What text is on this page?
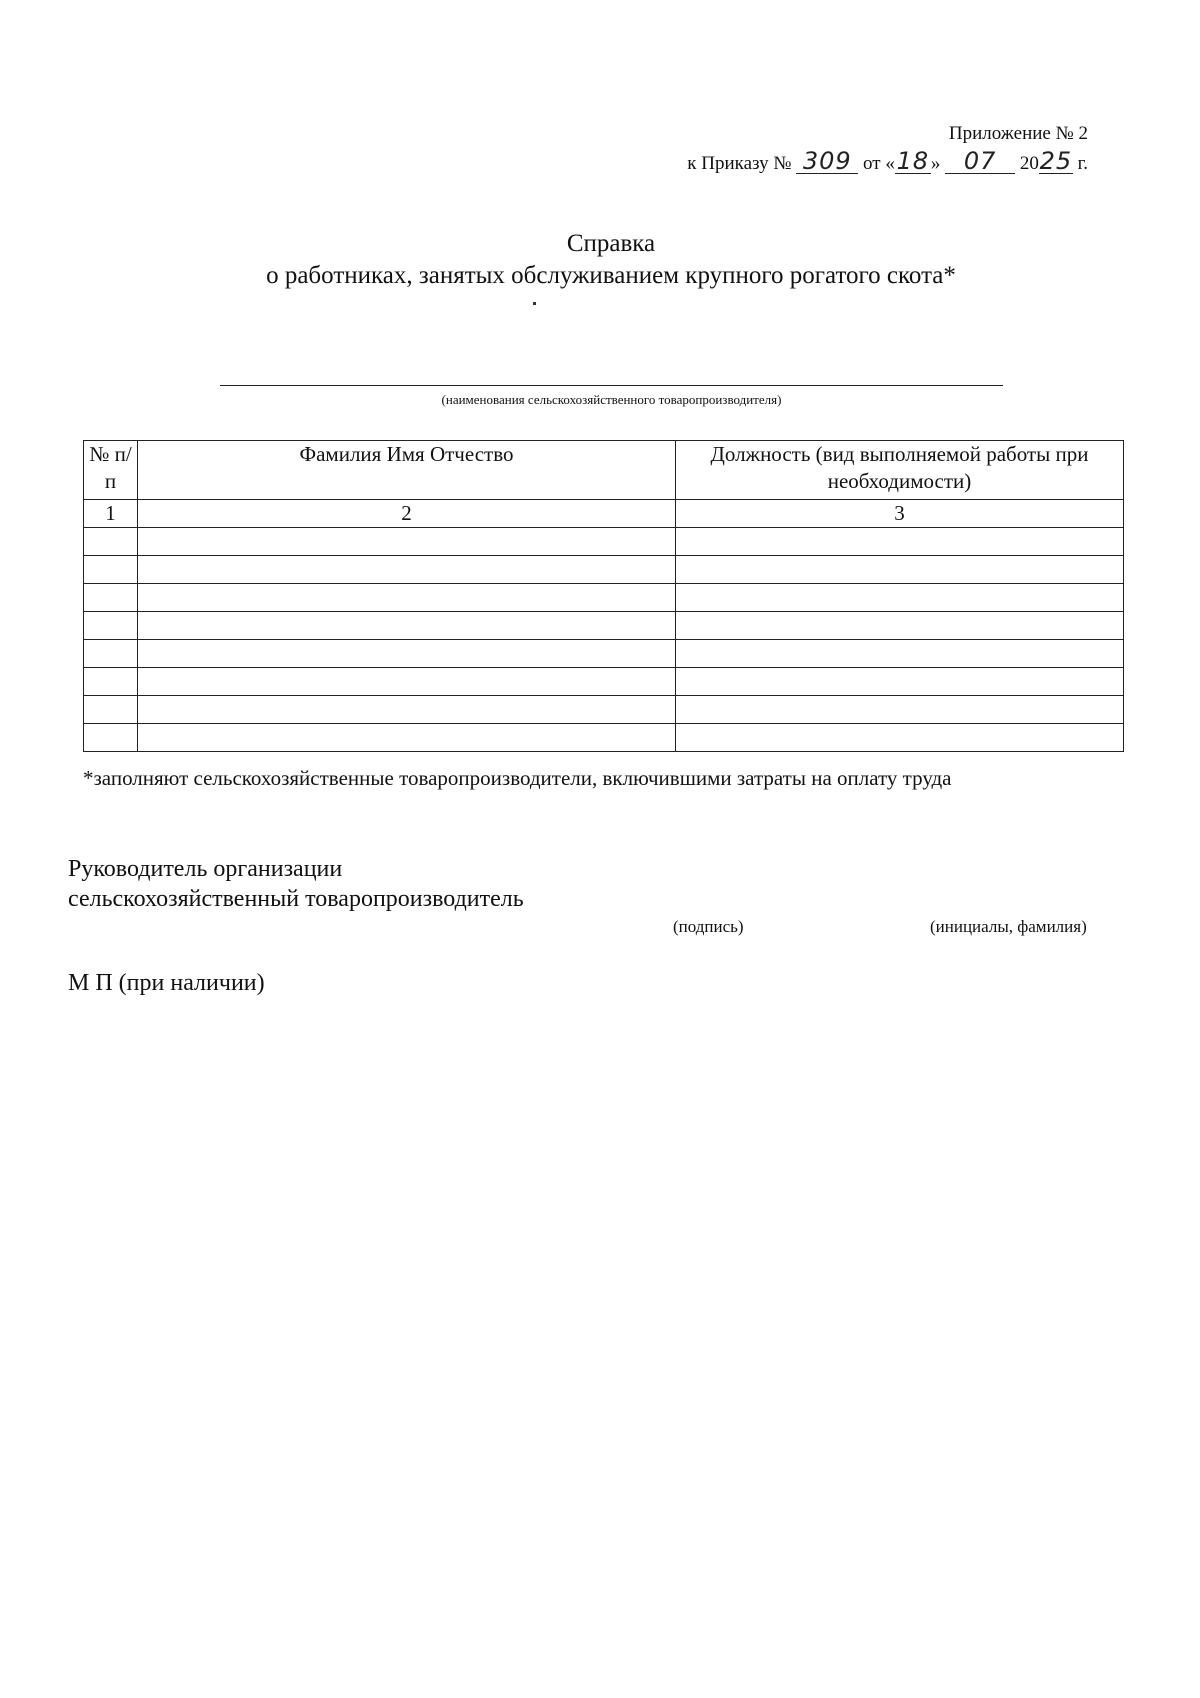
Приложение № 2
к Приказу № 309 от «18» 07 2025 г.
Справка
о работниках, занятых обслуживанием крупного рогатого скота*
(наименования сельскохозяйственного товаропроизводителя)
№ п/п	Фамилия Имя Отчество	Должность (вид выполняемой работы при необходимости)
1	2	3

*заполняют сельскохозяйственные товаропроизводители, включившими затраты на оплату труда
Руководитель организации
сельскохозяйственный товаропроизводитель
(подпись)	(инициалы, фамилия)
М П (при наличии)
